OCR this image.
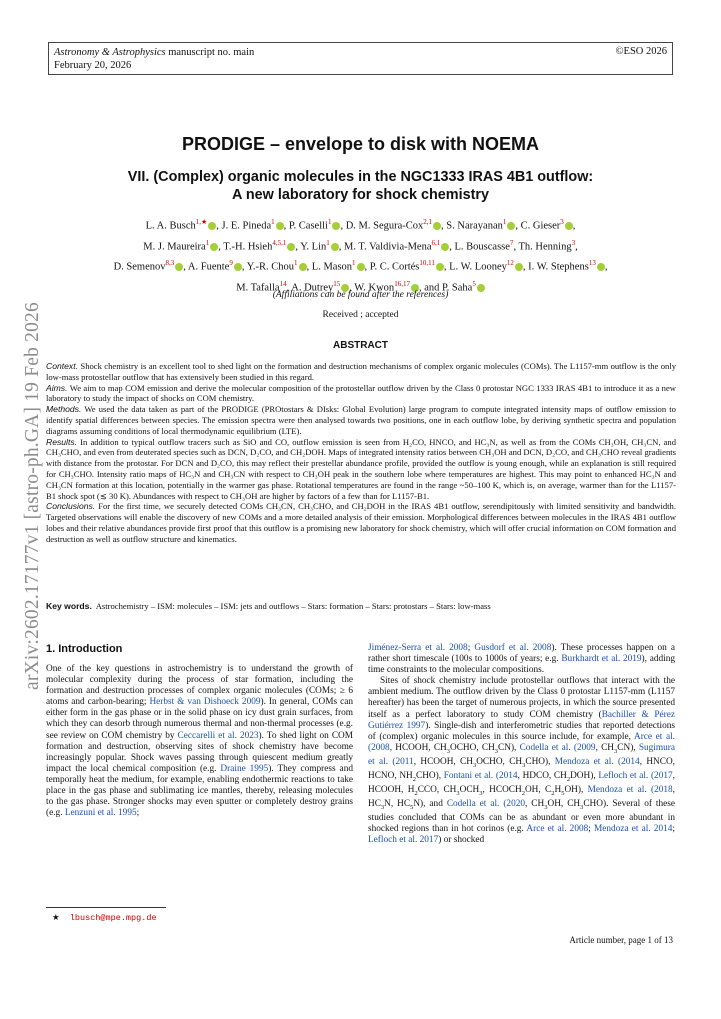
Astronomy & Astrophysics manuscript no. main
February 20, 2026
©ESO 2026
arXiv:2602.17177v1 [astro-ph.GA] 19 Feb 2026
PRODIGE – envelope to disk with NOEMA
VII. (Complex) organic molecules in the NGC1333 IRAS 4B1 outflow:
A new laboratory for shock chemistry
L. A. Busch$^{1,★}$ , J. E. Pineda$^1$ , P. Caselli$^1$ , D. M. Segura-Cox$^{2,1}$ , S. Narayanan$^1$ , C. Gieser$^3$ ,
M. J. Maureira$^1$ , T.-H. Hsieh$^{4,5,1}$ , Y. Lin$^1$ , M. T. Valdivia-Mena$^{6,1}$ , L. Bouscasse$^7$, Th. Henning$^3$,
D. Semenov$^{8,3}$ , A. Fuente$^9$ , Y.-R. Chou$^1$ , L. Mason$^1$ , P. C. Cortés$^{10,11}$ , L. W. Looney$^{12}$ , I. W. Stephens$^{13}$ ,
M. Tafalla$^{14}$, A. Dutrey$^{15}$ , W. Kwon$^{16,17}$ , and P. Saha$^5$
(Affiliations can be found after the references)
Received ; accepted
ABSTRACT

Context. Shock chemistry is an excellent tool to shed light on the formation and destruction mechanisms of complex organic molecules (COMs). The L1157-mm outflow is the only low-mass protostellar outflow that has extensively been studied in this regard.

Aims. We aim to map COM emission and derive the molecular composition of the protostellar outflow driven by the Class 0 protostar NGC 1333 IRAS 4B1 to introduce it as a new laboratory to study the impact of shocks on COM chemistry.

Methods. We used the data taken as part of the PRODIGE (PROtostars & DIsks: Global Evolution) large program to compute integrated intensity maps of outflow emission to identify spatial differences between species. The emission spectra were then analysed towards two positions, one in each outflow lobe, by deriving synthetic spectra and population diagrams assuming conditions of local thermodynamic equilibrium (LTE).

Results. In addition to typical outflow tracers such as SiO and CO, outflow emission is seen from H₂CO, HNCO, and HC₃N, as well as from the COMs CH₃OH, CH₃CN, and CH₃CHO, and even from deuterated species such as DCN, D₂CO, and CH₂DOH. Maps of integrated intensity ratios between CH₃OH and DCN, D₂CO, and CH₃CHO reveal gradients with distance from the protostar. For DCN and D₂CO, this may reflect their prestellar abundance profile, provided the outflow is young enough, while an explanation is still required for CH₃CHO. Intensity ratio maps of HC₃N and CH₃CN with respect to CH₃OH peak in the southern lobe where temperatures are highest. This may point to enhanced HC₃N and CH₃CN formation at this location, potentially in the warmer gas phase. Rotational temperatures are found in the range ~50–100 K, which is, on average, warmer than for the L1157-B1 shock spot (≲ 30 K). Abundances with respect to CH₃OH are higher by factors of a few than for L1157-B1.

Conclusions. For the first time, we securely detected COMs CH₃CN, CH₃CHO, and CH₂DOH in the IRAS 4B1 outflow, serendipitously with limited sensitivity and bandwidth. Targeted observations will enable the discovery of new COMs and a more detailed analysis of their emission. Morphological differences between molecules in the IRAS 4B1 outflow lobes and their relative abundances provide first proof that this outflow is a promising new laboratory for shock chemistry, which will offer crucial information on COM formation and destruction as well as outflow structure and kinematics.

Key words. Astrochemistry – ISM: molecules – ISM: jets and outflows – Stars: formation – Stars: protostars – Stars: low-mass
1. Introduction

One of the key questions in astrochemistry is to understand the growth of molecular complexity during the process of star formation, including the formation and destruction processes of complex organic molecules (COMs; ≥ 6 atoms and carbon-bearing; Herbst & van Dishoeck 2009). In general, COMs can either form in the gas phase or in the solid phase on icy dust grain surfaces, from which they can desorb through numerous thermal and non-thermal processes (e.g. see review on COM chemistry by Ceccarelli et al. 2023). To shed light on COM formation and destruction, observing sites of shock chemistry have become increasingly popular. Shock waves passing through quiescent medium greatly impact the local chemical composition (e.g. Draine 1995). They compress and temporally heat the medium, for example, enabling endothermic reactions to take place in the gas phase and sublimating ice mantles, thereby, releasing molecules to the gas phase. Stronger shocks may even sputter or completely destroy grains (e.g. Lenzuni et al. 1995;

Jiménez-Serra et al. 2008; Gusdorf et al. 2008). These processes happen on a rather short timescale (100s to 1000s of years; e.g. Burkhardt et al. 2019), adding time constraints to the molecular compositions.

Sites of shock chemistry include protostellar outflows that interact with the ambient medium. The outflow driven by the Class 0 protostar L1157-mm (L1157 hereafter) has been the target of numerous projects, in which the source presented itself as a perfect laboratory to study COM chemistry (Bachiller & Pérez Gutiérrez 1997). Single-dish and interferometric studies that reported detections of (complex) organic molecules in this source include, for example, Arce et al. (2008, HCOOH, $CH_3OCHO$, $CH_3CN$), Codella et al. (2009, $CH_3CN$), Sugimura et al. (2011, HCOOH, $CH_3OCHO$, $CH_3CHO$), Mendoza et al. (2014, HNCO, HCNO, $NH_2CHO$), Fontani et al. (2014, HDCO, $CH_2DOH$), Lefloch et al. (2017, HCOOH, $H_2CCO$, $CH_3OCH_3$, $HCOCH_2OH$, $C_2H_5OH$), Mendoza et al. (2018, $HC_3N$, $HC_5N$), and Codella et al. (2020, $CH_3OH$, $CH_3CHO$). Several of these studies concluded that COMs can be as abundant or even more abundant in shocked regions than in hot corinos (e.g. Arce et al. 2008; Mendoza et al. 2014; Lefloch et al. 2017) or shocked

★ lbusch@mpe.mpg.de
Article number, page 1 of 13
